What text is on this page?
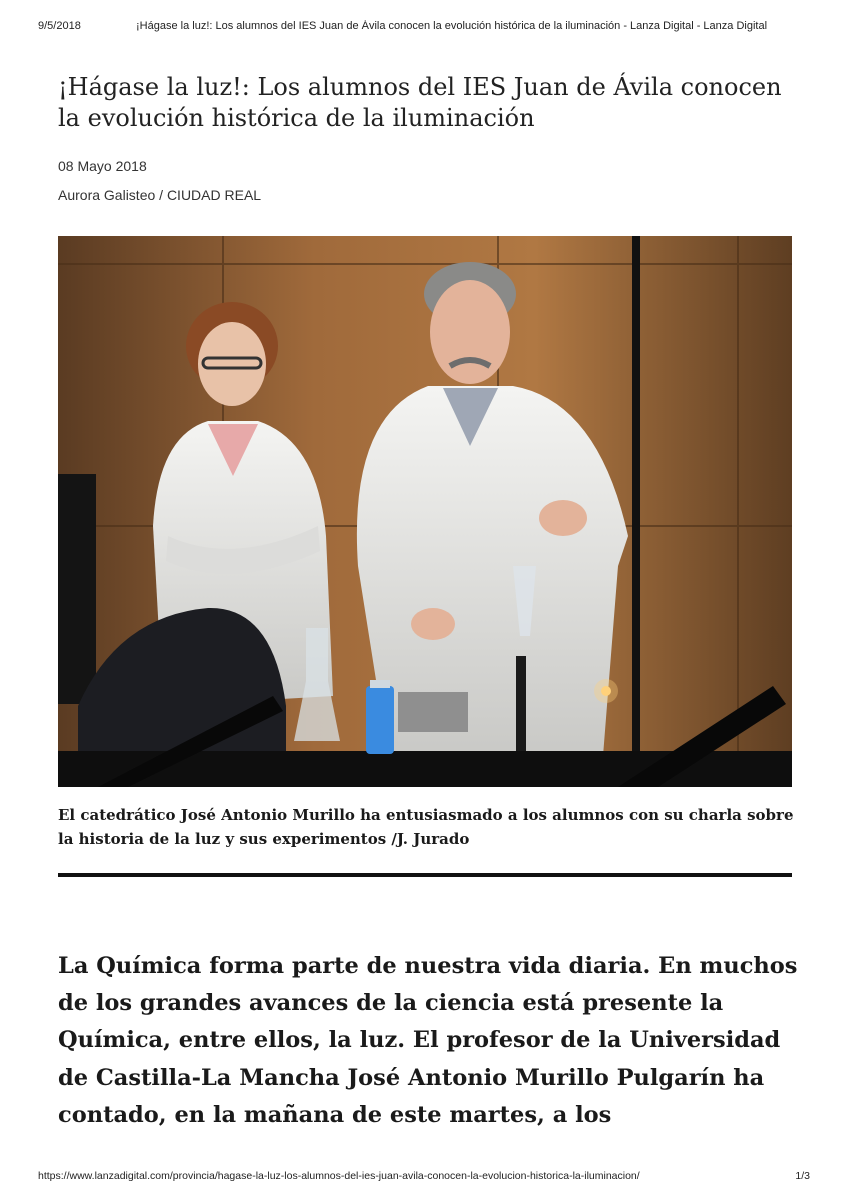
9/5/2018	¡Hágase la luz!: Los alumnos del IES Juan de Ávila conocen la evolución histórica de la iluminación - Lanza Digital - Lanza Digital
¡Hágase la luz!: Los alumnos del IES Juan de Ávila conocen la evolución histórica de la iluminación
08 Mayo 2018
Aurora Galisteo / CIUDAD REAL
El catedrático José Antonio Murillo ha entusiasmado a los alumnos con su charla sobre la historia de la luz y sus experimentos /J. Jurado

La Química forma parte de nuestra vida diaria. En muchos de los grandes avances de la ciencia está presente la Química, entre ellos, la luz. El profesor de la Universidad de Castilla-La Mancha José Antonio Murillo Pulgarín ha contado, en la mañana de este martes, a los

https://www.lanzadigital.com/provincia/hagase-la-luz-los-alumnos-del-ies-juan-avila-conocen-la-evolucion-historica-la-iluminacion/	1/3
